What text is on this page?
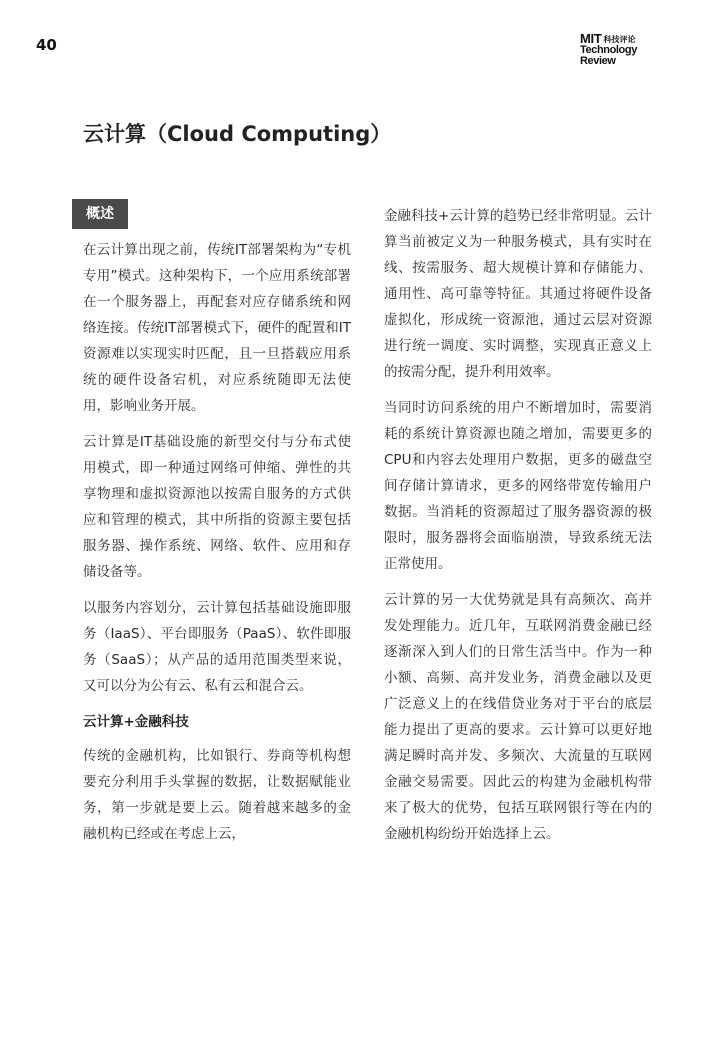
40	MIT 科技评论
Technology
Review
云计算（Cloud Computing）
概述

在云计算出现之前，传统IT部署架构为“专机专用”模式。这种架构下，一个应用系统部署在一个服务器上，再配套对应存储系统和网络连接。传统IT部署模式下，硬件的配置和IT资源难以实现实时匹配，且一旦搭载应用系统的硬件设备宕机，对应系统随即无法使用，影响业务开展。

云计算是IT基础设施的新型交付与分布式使用模式，即一种通过网络可伸缩、弹性的共享物理和虚拟资源池以按需自服务的方式供应和管理的模式，其中所指的资源主要包括服务器、操作系统、网络、软件、应用和存储设备等。

以服务内容划分，云计算包括基础设施即服务（IaaS）、平台即服务（PaaS）、软件即服务（SaaS）；从产品的适用范围类型来说，又可以分为公有云、私有云和混合云。

云计算+金融科技

传统的金融机构，比如银行、券商等机构想要充分利用手头掌握的数据，让数据赋能业务，第一步就是要上云。随着越来越多的金融机构已经或在考虑上云，

金融科技+云计算的趋势已经非常明显。云计算当前被定义为一种服务模式，具有实时在线、按需服务、超大规模计算和存储能力、通用性、高可靠等特征。其通过将硬件设备虚拟化，形成统一资源池，通过云层对资源进行统一调度、实时调整，实现真正意义上的按需分配，提升利用效率。

当同时访问系统的用户不断增加时，需要消耗的系统计算资源也随之增加，需要更多的CPU和内容去处理用户数据，更多的磁盘空间存储计算请求，更多的网络带宽传输用户数据。当消耗的资源超过了服务器资源的极限时，服务器将会面临崩溃，导致系统无法正常使用。

云计算的另一大优势就是具有高频次、高并发处理能力。近几年，互联网消费金融已经逐渐深入到人们的日常生活当中。作为一种小额、高频、高并发业务，消费金融以及更广泛意义上的在线借贷业务对于平台的底层能力提出了更高的要求。云计算可以更好地满足瞬时高并发、多频次、大流量的互联网金融交易需要。因此云的构建为金融机构带来了极大的优势，包括互联网银行等在内的金融机构纷纷开始选择上云。
